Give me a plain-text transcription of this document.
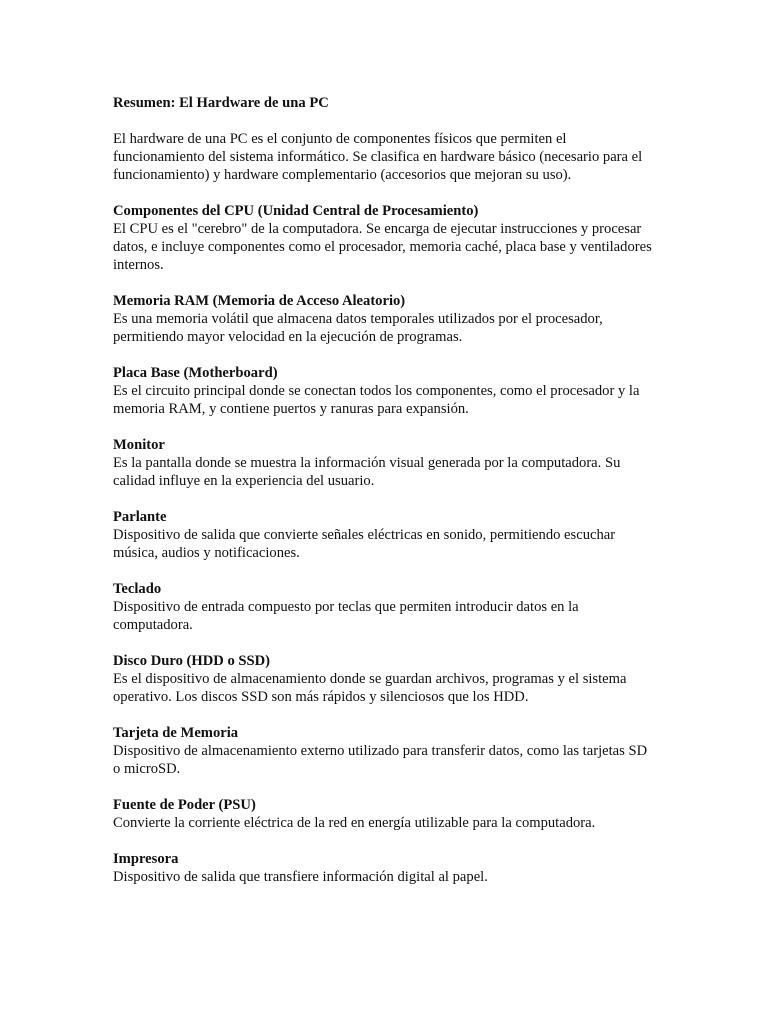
Resumen: El Hardware de una PC
El hardware de una PC es el conjunto de componentes físicos que permiten el funcionamiento del sistema informático. Se clasifica en hardware básico (necesario para el funcionamiento) y hardware complementario (accesorios que mejoran su uso).
Componentes del CPU (Unidad Central de Procesamiento)
El CPU es el "cerebro" de la computadora. Se encarga de ejecutar instrucciones y procesar datos, e incluye componentes como el procesador, memoria caché, placa base y ventiladores internos.
Memoria RAM (Memoria de Acceso Aleatorio)
Es una memoria volátil que almacena datos temporales utilizados por el procesador, permitiendo mayor velocidad en la ejecución de programas.
Placa Base (Motherboard)
Es el circuito principal donde se conectan todos los componentes, como el procesador y la memoria RAM, y contiene puertos y ranuras para expansión.
Monitor
Es la pantalla donde se muestra la información visual generada por la computadora. Su calidad influye en la experiencia del usuario.
Parlante
Dispositivo de salida que convierte señales eléctricas en sonido, permitiendo escuchar música, audios y notificaciones.
Teclado
Dispositivo de entrada compuesto por teclas que permiten introducir datos en la computadora.
Disco Duro (HDD o SSD)
Es el dispositivo de almacenamiento donde se guardan archivos, programas y el sistema operativo. Los discos SSD son más rápidos y silenciosos que los HDD.
Tarjeta de Memoria
Dispositivo de almacenamiento externo utilizado para transferir datos, como las tarjetas SD o microSD.
Fuente de Poder (PSU)
Convierte la corriente eléctrica de la red en energía utilizable para la computadora.
Impresora
Dispositivo de salida que transfiere información digital al papel.
